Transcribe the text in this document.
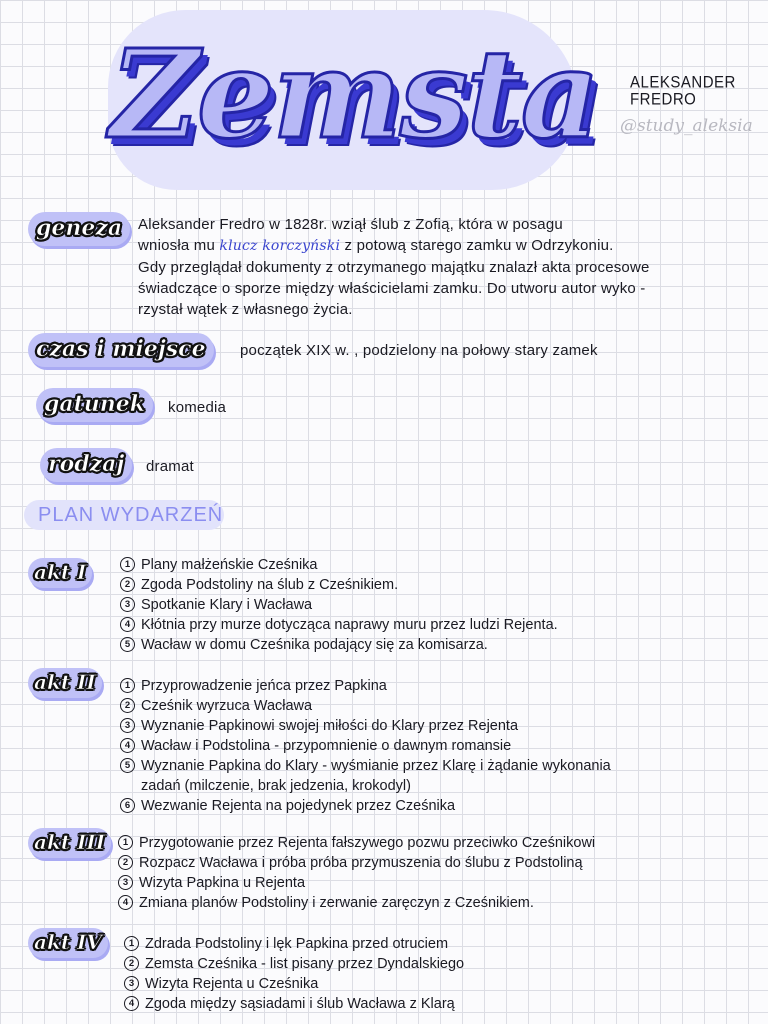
Zemsta ALEKSANDER
FREDRO
@study_aleksia
geneza	Aleksander Fredro w 1828r. wziął ślub z Zofią, która w posagu
wniosła mu klucz korczyński z potową starego zamku w Odrzykoniu.
Gdy przeglądał dokumenty z otrzymanego majątku znalazł akta procesowe
świadczące o sporze między właścicielami zamku. Do utworu autor wyko -
rzystał wątek z własnego życia.
czas i miejsce	początek XIX w. , podzielony na połowy stary zamek
gatunek	komedia
rodzaj	dramat
PLAN WYDARZEŃ
akt I	1 Plany małżeńskie Cześnika
2 Zgoda Podstoliny na ślub z Cześnikiem.
3 Spotkanie Klary i Wacława
4 Kłótnia przy murze dotycząca naprawy muru przez ludzi Rejenta.
5 Wacław w domu Cześnika podający się za komisarza.
akt II	1 Przyprowadzenie jeńca przez Papkina
2 Cześnik wyrzuca Wacława
3 Wyznanie Papkinowi swojej miłości do Klary przez Rejenta
4 Wacław i Podstolina - przypomnienie o dawnym romansie
5 Wyznanie Papkina do Klary - wyśmianie przez Klarę i żądanie wykonania
zadań (milczenie, brak jedzenia, krokodyl)
6 Wezwanie Rejenta na pojedynek przez Cześnika
akt III	1 Przygotowanie przez Rejenta fałszywego pozwu przeciwko Cześnikowi
2 Rozpacz Wacława i próba próba przymuszenia do ślubu z Podstoliną
3 Wizyta Papkina u Rejenta
4 Zmiana planów Podstoliny i zerwanie zaręczyn z Cześnikiem.
akt IV	1 Zdrada Podstoliny i lęk Papkina przed otruciem
2 Zemsta Cześnika - list pisany przez Dyndalskiego
3 Wizyta Rejenta u Cześnika
4 Zgoda między sąsiadami i ślub Wacława z Klarą
